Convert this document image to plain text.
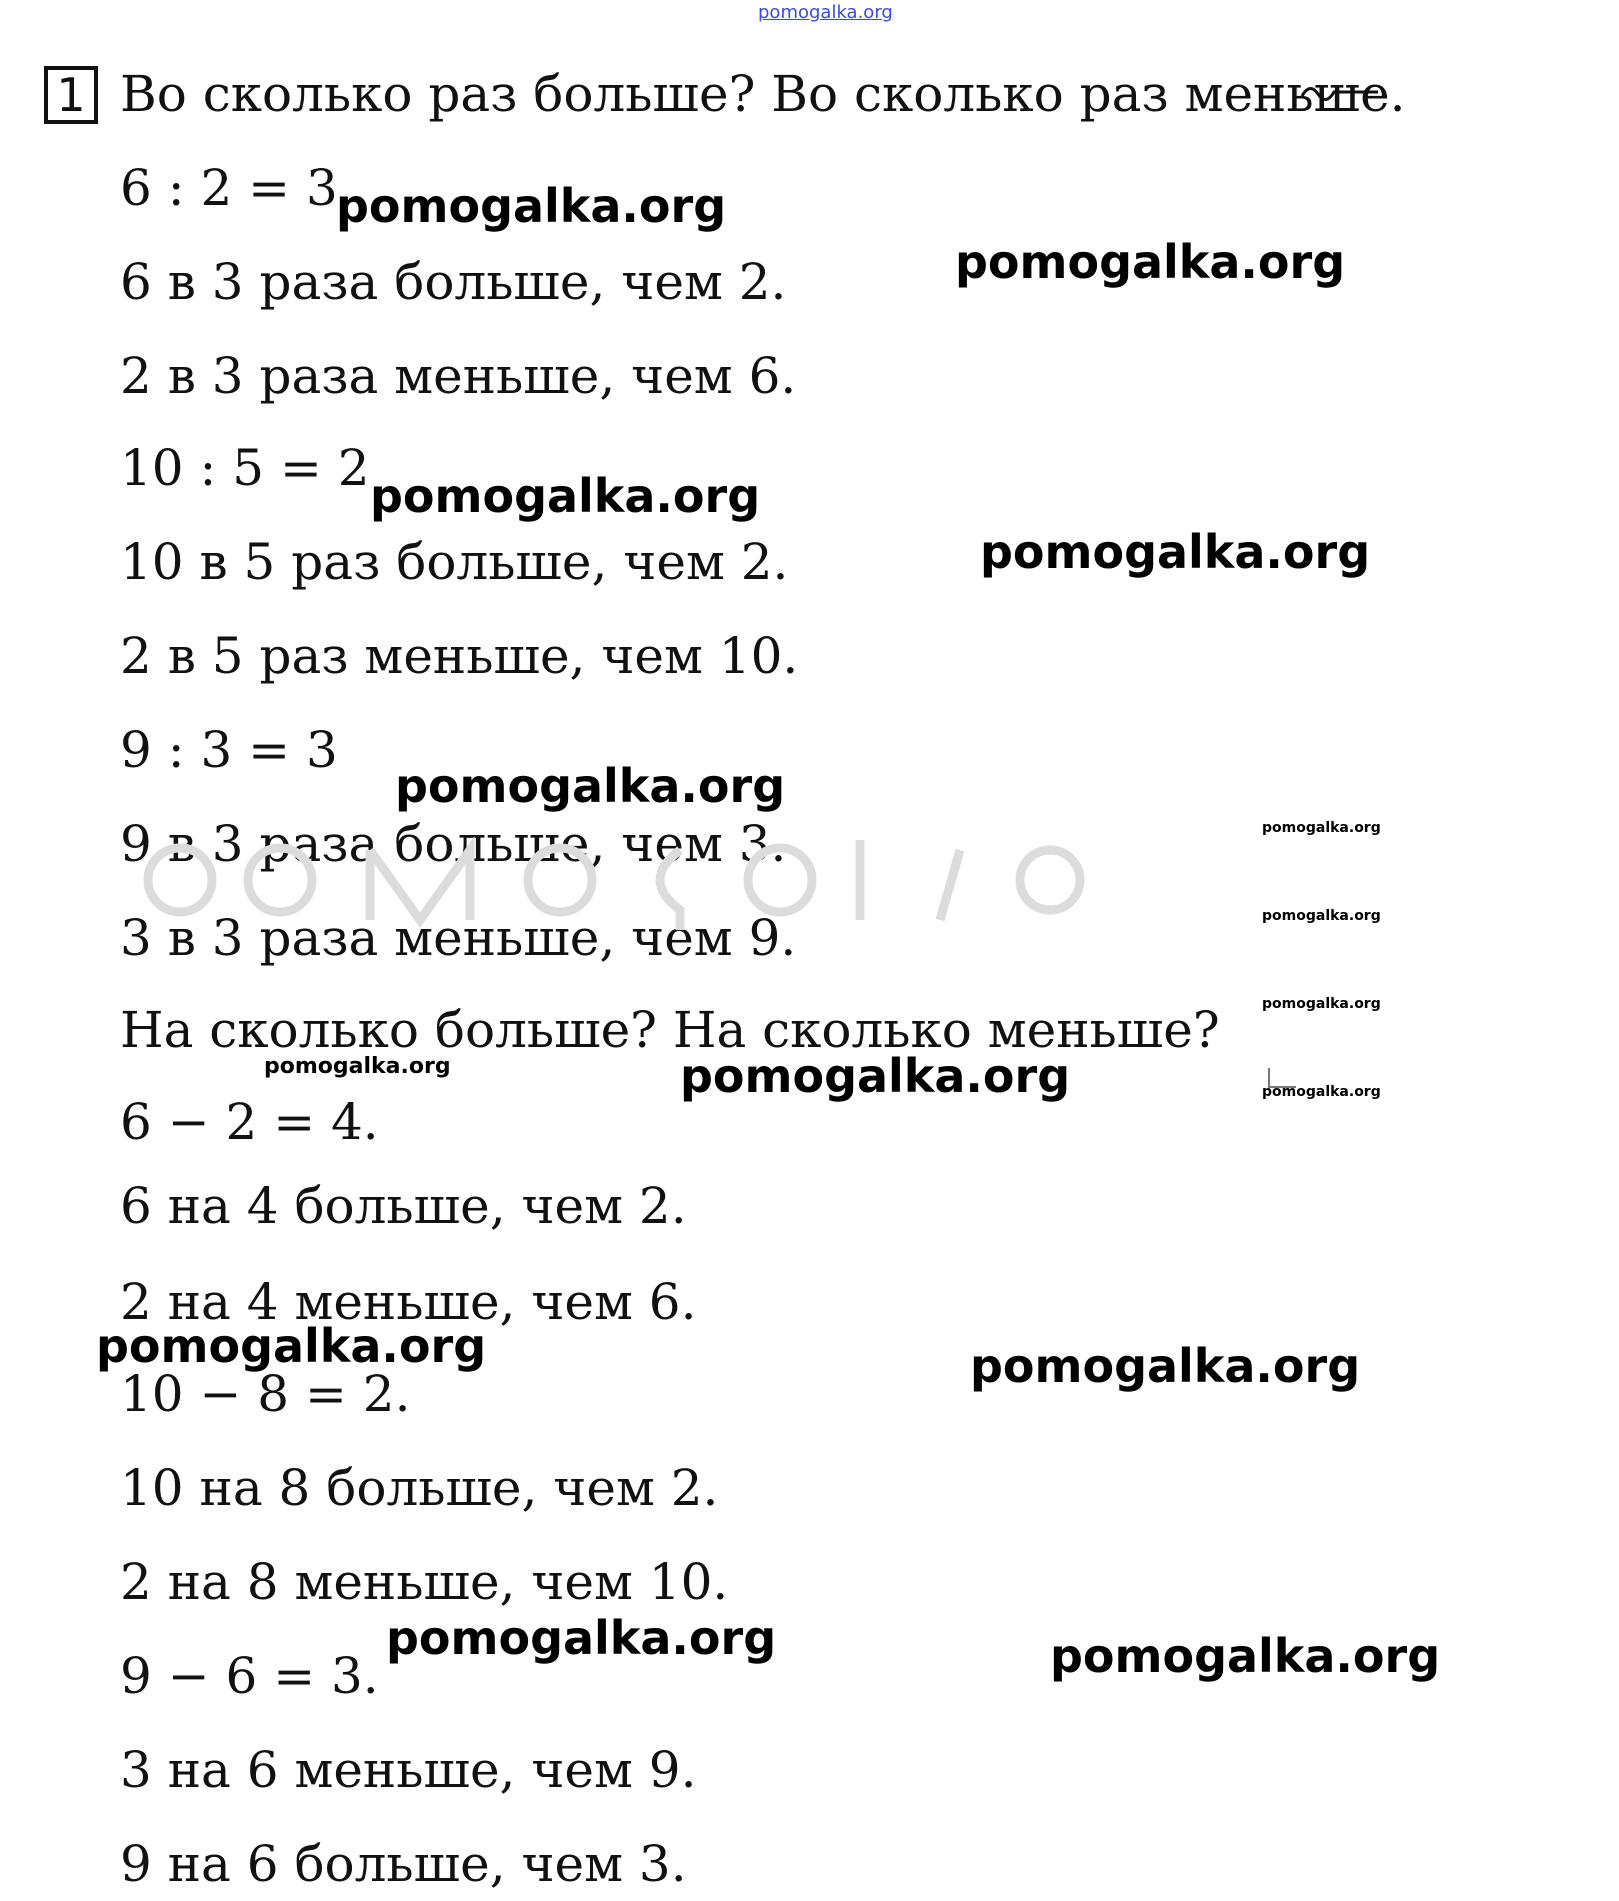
pomogalka.org
1 Во сколько раз больше? Во сколько раз меньше.
6 : 2 = 3
6 в 3 раза больше, чем 2.
2 в 3 раза меньше, чем 6.
10 : 5 = 2
10 в 5 раз больше, чем 2.
2 в 5 раз меньше, чем 10.
9 : 3 = 3
9 в 3 раза больше, чем 3.
3 в 3 раза меньше, чем 9.
На сколько больше? На сколько меньше?
6 − 2 = 4.
6 на 4 больше, чем 2.
2 на 4 меньше, чем 6.
10 − 8 = 2.
10 на 8 больше, чем 2.
2 на 8 меньше, чем 10.
9 − 6 = 3.
3 на 6 меньше, чем 9.
9 на 6 больше, чем 3.
pomogalka.org
pomogalka.org
pomogalka.org
pomogalka.org
pomogalka.org
pomogalka.org
pomogalka.org	pomogalka.org
pomogalka.org	pomogalka.org
pomogalka.org
pomogalka.org
pomogalka.org
pomogalka.org
pomogalka.org
